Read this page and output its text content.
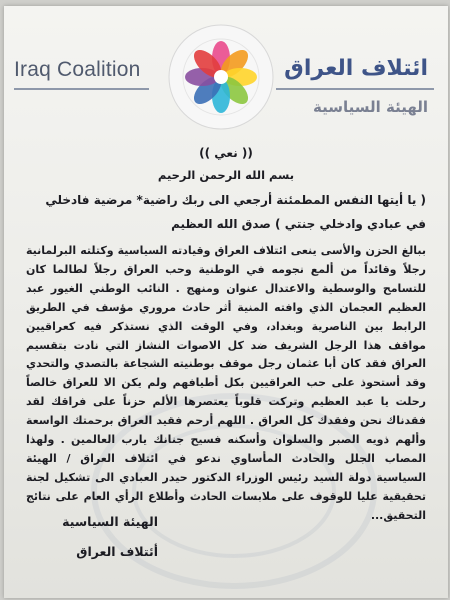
Iraq Coalition	ائتلاف العراق
الهيئة السياسية
(( نعي ))
بسم الله الرحمن الرحيم
( يا أيتها النفس المطمئنة أرجعي الى ربك راضية* مرضية فادخلي في عبادي وادخلي جنتي ) صدق الله العظيم
ببالغ الحزن والأسى ينعى ائتلاف العراق وقيادته السياسية وكتلته البرلمانية رجلاً وقائداً من ألمع نجومه في الوطنية وحب العراق رجلاً لطالما كان للتسامح والوسطية والاعتدال عنوان ومنهج . النائب الوطني الغيور عبد العظيم العجمان الذي وافته المنية أثر حادث مروري مؤسف في الطريق الرابط بين الناصرية وبغداد، وفي الوقت الذي نستذكر فيه كعراقيين مواقف هذا الرجل الشريف ضد كل الاصوات النشاز التي نادت بتقسيم العراق فقد كان أبا عثمان رجل موقف بوطنيته الشجاعة بالتصدي والتحدي وقد أستحوذ على حب العراقيين بكل أطيافهم ولم يكن الا للعراق خالصاً رحلت يا عبد العظيم وتركت قلوباً يعتصرها الألم حزناً على فراقك لقد فقدناك نحن وفقدك كل العراق . اللهم أرحم فقيد العراق برحمتك الواسعة وألهم ذويه الصبر والسلوان وأسكنه فسيح جنانك يارب العالمين . ولهذا المصاب الجلل والحادث المأساوي ندعو في ائتلاف العراق / الهيئة السياسية دولة السيد رئيس الوزراء الدكتور حيدر العبادي الى تشكيل لجنة تحقيقية عليا للوقوف على ملابسات الحادث وأطلاع الرأي العام على نتائج التحقيق...
الهيئة السياسية
أئتلاف العراق
